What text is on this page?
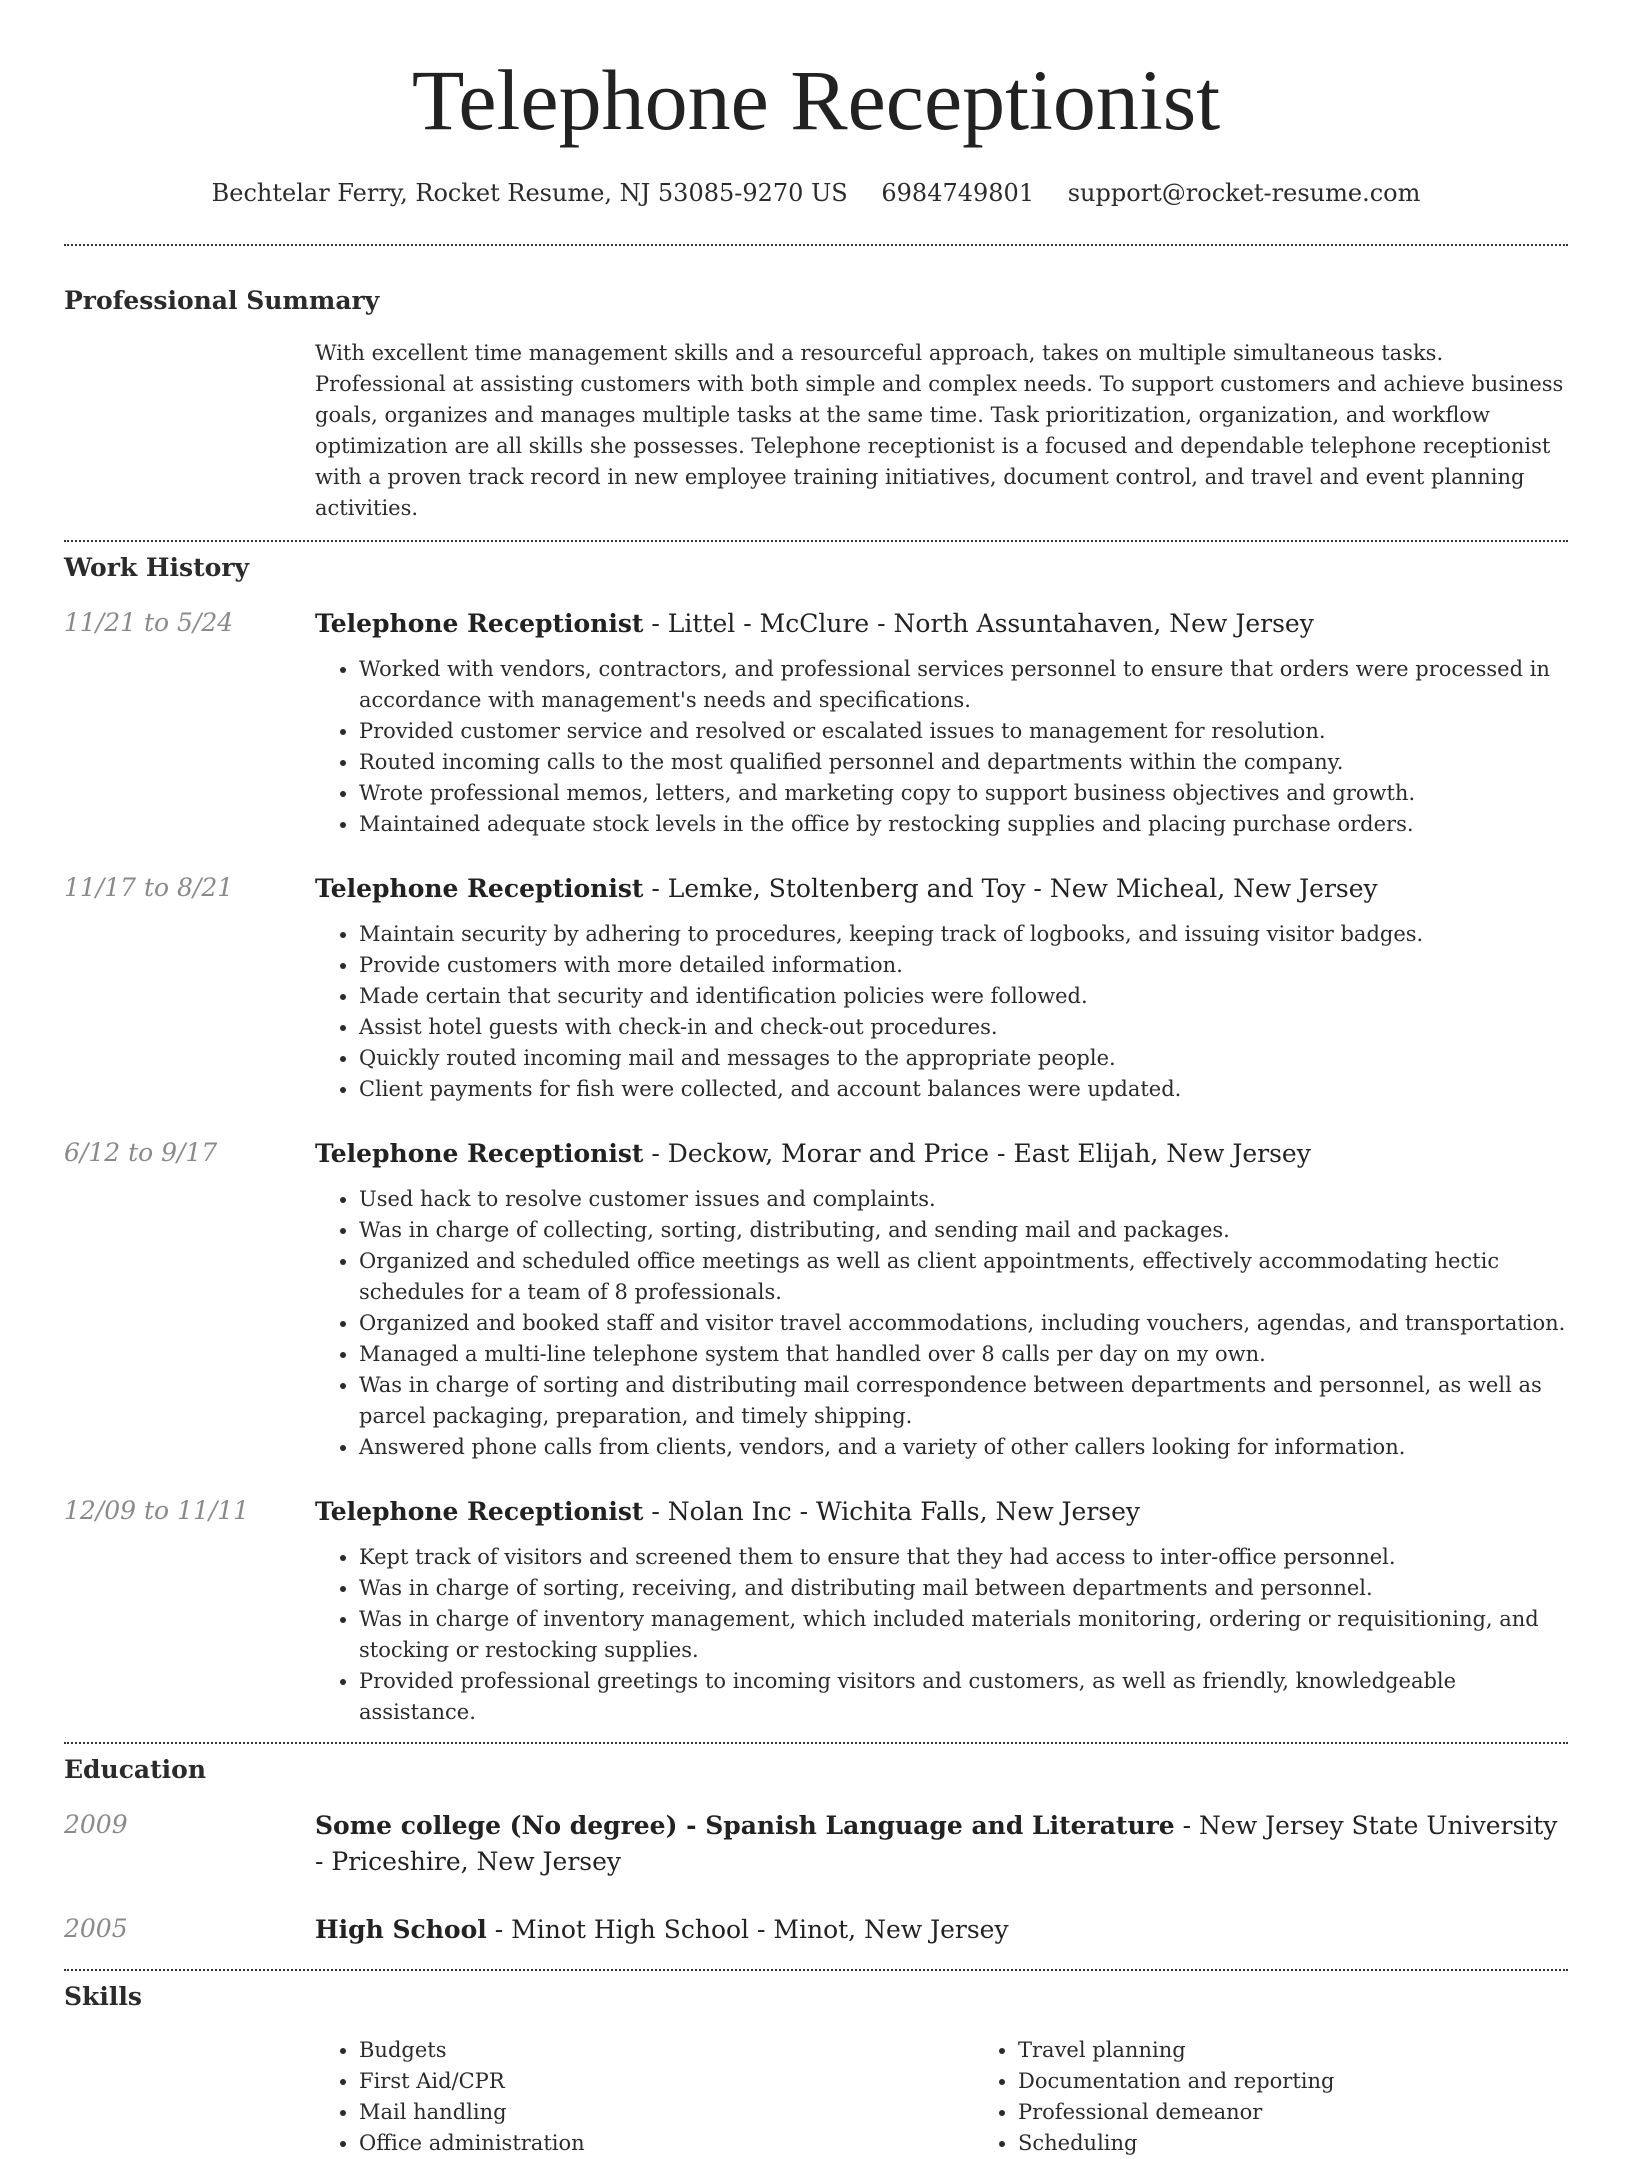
Telephone Receptionist
Bechtelar Ferry, Rocket Resume, NJ 53085-9270 US 6984749801 support@rocket-resume.com
Professional Summary

With excellent time management skills and a resourceful approach, takes on multiple simultaneous tasks. Professional at assisting customers with both simple and complex needs. To support customers and achieve business goals, organizes and manages multiple tasks at the same time. Task prioritization, organization, and workflow optimization are all skills she possesses. Telephone receptionist is a focused and dependable telephone receptionist with a proven track record in new employee training initiatives, document control, and travel and event planning activities.

Work History
11/21 to 5/24	Telephone Receptionist - Littel - McClure - North Assuntahaven, New Jersey
• Worked with vendors, contractors, and professional services personnel to ensure that orders were processed in accordance with management's needs and specifications.
• Provided customer service and resolved or escalated issues to management for resolution.
• Routed incoming calls to the most qualified personnel and departments within the company.
• Wrote professional memos, letters, and marketing copy to support business objectives and growth.
• Maintained adequate stock levels in the office by restocking supplies and placing purchase orders.
11/17 to 8/21	Telephone Receptionist - Lemke, Stoltenberg and Toy - New Micheal, New Jersey
• Maintain security by adhering to procedures, keeping track of logbooks, and issuing visitor badges.
• Provide customers with more detailed information.
• Made certain that security and identification policies were followed.
• Assist hotel guests with check-in and check-out procedures.
• Quickly routed incoming mail and messages to the appropriate people.
• Client payments for fish were collected, and account balances were updated.
6/12 to 9/17	Telephone Receptionist - Deckow, Morar and Price - East Elijah, New Jersey
• Used hack to resolve customer issues and complaints.
• Was in charge of collecting, sorting, distributing, and sending mail and packages.
• Organized and scheduled office meetings as well as client appointments, effectively accommodating hectic schedules for a team of 8 professionals.
• Organized and booked staff and visitor travel accommodations, including vouchers, agendas, and transportation.
• Managed a multi-line telephone system that handled over 8 calls per day on my own.
• Was in charge of sorting and distributing mail correspondence between departments and personnel, as well as parcel packaging, preparation, and timely shipping.
• Answered phone calls from clients, vendors, and a variety of other callers looking for information.
12/09 to 11/11	Telephone Receptionist - Nolan Inc - Wichita Falls, New Jersey
• Kept track of visitors and screened them to ensure that they had access to inter-office personnel.
• Was in charge of sorting, receiving, and distributing mail between departments and personnel.
• Was in charge of inventory management, which included materials monitoring, ordering or requisitioning, and stocking or restocking supplies.
• Provided professional greetings to incoming visitors and customers, as well as friendly, knowledgeable assistance.
Education
2009	Some college (No degree) - Spanish Language and Literature - New Jersey State University - Priceshire, New Jersey
2005	High School - Minot High School - Minot, New Jersey
Skills
• Budgets
• First Aid/CPR
• Mail handling
• Office administration
• Travel planning
• Documentation and reporting
• Professional demeanor
• Scheduling
